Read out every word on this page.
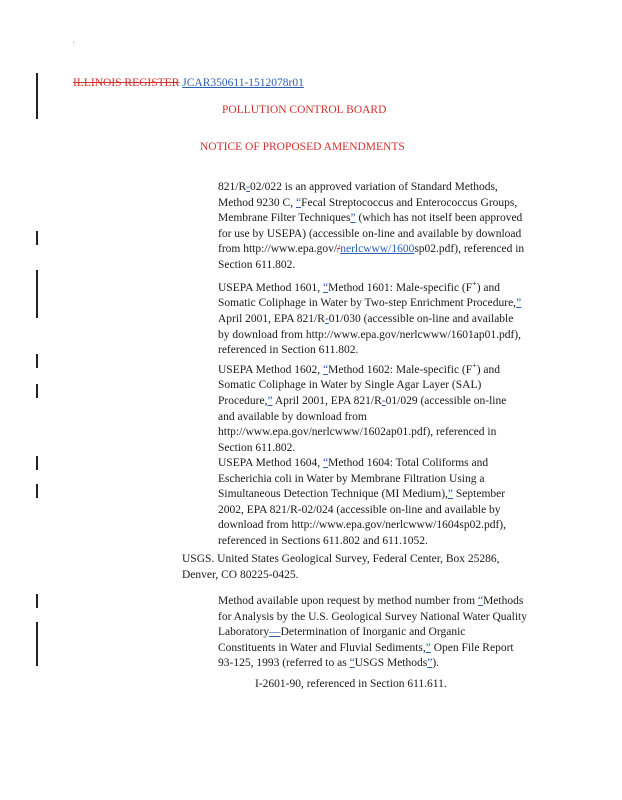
'
ILLINOIS REGISTER JCAR350611-1512078r01
POLLUTION CONTROL BOARD
NOTICE OF PROPOSED AMENDMENTS
821/R-02/022 is an approved variation of Standard Methods,
Method 9230 C, “Fecal Streptococcus and Enterococcus Groups,
Membrane Filter Techniques” (which has not itself been approved
for use by USEPA) (accessible on-line and available by download
from http://www.epa.gov//nerlcwww/1600sp02.pdf), referenced in
Section 611.802.
USEPA Method 1601, “Method 1601: Male-specific (F+) and
Somatic Coliphage in Water by Two-step Enrichment Procedure,”
April 2001, EPA 821/R-01/030 (accessible on-line and available
by download from http://www.epa.gov/nerlcwww/1601ap01.pdf),
referenced in Section 611.802.
USEPA Method 1602, “Method 1602: Male-specific (F+) and
Somatic Coliphage in Water by Single Agar Layer (SAL)
Procedure,” April 2001, EPA 821/R-01/029 (accessible on-line
and available by download from
http://www.epa.gov/nerlcwww/1602ap01.pdf), referenced in
Section 611.802.
USEPA Method 1604, “Method 1604: Total Coliforms and
Escherichia coli in Water by Membrane Filtration Using a
Simultaneous Detection Technique (MI Medium),” September
2002, EPA 821/R-02/024 (accessible on-line and available by
download from http://www.epa.gov/nerlcwww/1604sp02.pdf),
referenced in Sections 611.802 and 611.1052.
USGS. United States Geological Survey, Federal Center, Box 25286,
Denver, CO 80225-0425.
Method available upon request by method number from “Methods
for Analysis by the U.S. Geological Survey National Water Quality
Laboratory—Determination of Inorganic and Organic
Constituents in Water and Fluvial Sediments,” Open File Report
93-125, 1993 (referred to as “USGS Methods”).
I-2601-90, referenced in Section 611.611.
